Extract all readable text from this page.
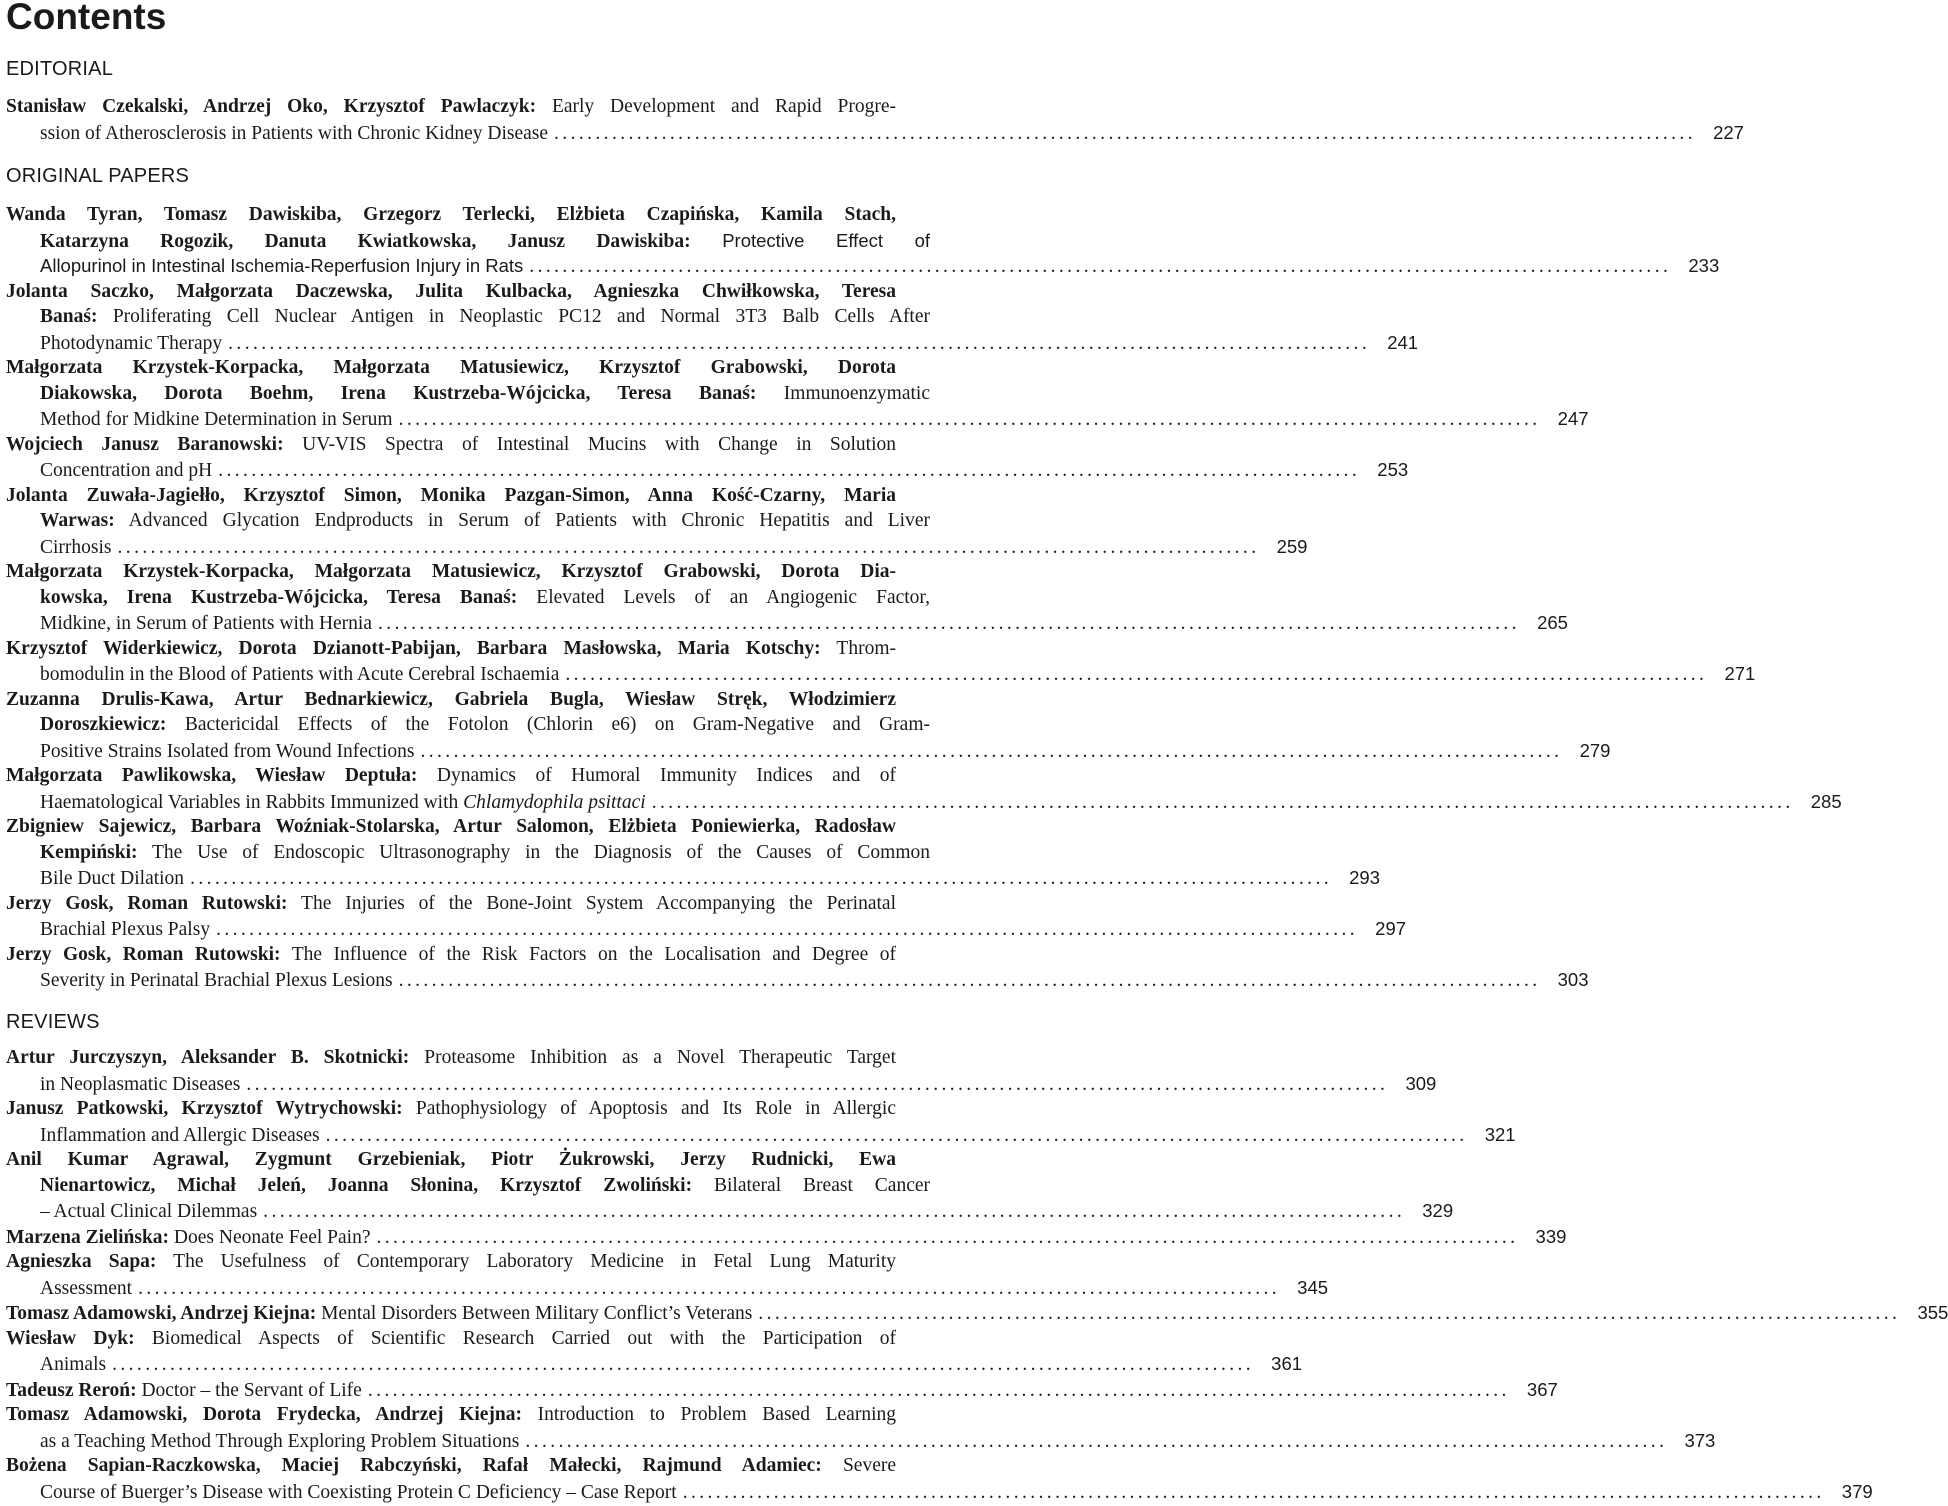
Contents
EDITORIAL
Stanisław Czekalski, Andrzej Oko, Krzysztof Pawlaczyk: Early Development and Rapid Progre-
ssion of Atherosclerosis in Patients with Chronic Kidney Disease .......................................................................................................................................... 227
ORIGINAL PAPERS
Wanda Tyran, Tomasz Dawiskiba, Grzegorz Terlecki, Elżbieta Czapińska, Kamila Stach,
Katarzyna Rogozik, Danuta Kwiatkowska, Janusz Dawiskiba: Protective Effect of
Allopurinol in Intestinal Ischemia-Reperfusion Injury in Rats .......................................................................................................................................... 233
Jolanta Saczko, Małgorzata Daczewska, Julita Kulbacka, Agnieszka Chwiłkowska, Teresa
Banaś: Proliferating Cell Nuclear Antigen in Neoplastic PC12 and Normal 3T3 Balb Cells After
Photodynamic Therapy .......................................................................................................................................... 241
Małgorzata Krzystek-Korpacka, Małgorzata Matusiewicz, Krzysztof Grabowski, Dorota
Diakowska, Dorota Boehm, Irena Kustrzeba-Wójcicka, Teresa Banaś: Immunoenzymatic
Method for Midkine Determination in Serum .......................................................................................................................................... 247
Wojciech Janusz Baranowski: UV-VIS Spectra of Intestinal Mucins with Change in Solution
Concentration and pH .......................................................................................................................................... 253
Jolanta Zuwała-Jagiełło, Krzysztof Simon, Monika Pazgan-Simon, Anna Kość-Czarny, Maria
Warwas: Advanced Glycation Endproducts in Serum of Patients with Chronic Hepatitis and Liver
Cirrhosis .......................................................................................................................................... 259
Małgorzata Krzystek-Korpacka, Małgorzata Matusiewicz, Krzysztof Grabowski, Dorota Dia-
kowska, Irena Kustrzeba-Wójcicka, Teresa Banaś: Elevated Levels of an Angiogenic Factor,
Midkine, in Serum of Patients with Hernia .......................................................................................................................................... 265
Krzysztof Widerkiewicz, Dorota Dzianott-Pabijan, Barbara Masłowska, Maria Kotschy: Throm-
bomodulin in the Blood of Patients with Acute Cerebral Ischaemia .......................................................................................................................................... 271
Zuzanna Drulis-Kawa, Artur Bednarkiewicz, Gabriela Bugla, Wiesław Stręk, Włodzimierz
Doroszkiewicz: Bactericidal Effects of the Fotolon (Chlorin e6) on Gram-Negative and Gram-
Positive Strains Isolated from Wound Infections .......................................................................................................................................... 279
Małgorzata Pawlikowska, Wiesław Deptuła: Dynamics of Humoral Immunity Indices and of
Haematological Variables in Rabbits Immunized with Chlamydophila psittaci .......................................................................................................................................... 285
Zbigniew Sajewicz, Barbara Woźniak-Stolarska, Artur Salomon, Elżbieta Poniewierka, Radosław
Kempiński: The Use of Endoscopic Ultrasonography in the Diagnosis of the Causes of Common
Bile Duct Dilation .......................................................................................................................................... 293
Jerzy Gosk, Roman Rutowski: The Injuries of the Bone-Joint System Accompanying the Perinatal
Brachial Plexus Palsy .......................................................................................................................................... 297
Jerzy Gosk, Roman Rutowski: The Influence of the Risk Factors on the Localisation and Degree of
Severity in Perinatal Brachial Plexus Lesions .......................................................................................................................................... 303
REVIEWS
Artur Jurczyszyn, Aleksander B. Skotnicki: Proteasome Inhibition as a Novel Therapeutic Target
in Neoplasmatic Diseases .......................................................................................................................................... 309
Janusz Patkowski, Krzysztof Wytrychowski: Pathophysiology of Apoptosis and Its Role in Allergic
Inflammation and Allergic Diseases .......................................................................................................................................... 321
Anil Kumar Agrawal, Zygmunt Grzebieniak, Piotr Żukrowski, Jerzy Rudnicki, Ewa
Nienartowicz, Michał Jeleń, Joanna Słonina, Krzysztof Zwoliński: Bilateral Breast Cancer
– Actual Clinical Dilemmas .......................................................................................................................................... 329
Marzena Zielińska: Does Neonate Feel Pain? .......................................................................................................................................... 339
Agnieszka Sapa: The Usefulness of Contemporary Laboratory Medicine in Fetal Lung Maturity
Assessment .......................................................................................................................................... 345
Tomasz Adamowski, Andrzej Kiejna: Mental Disorders Between Military Conflict’s Veterans .......................................................................................................................................... 355
Wiesław Dyk: Biomedical Aspects of Scientific Research Carried out with the Participation of
Animals .......................................................................................................................................... 361
Tadeusz Reroń: Doctor – the Servant of Life .......................................................................................................................................... 367
Tomasz Adamowski, Dorota Frydecka, Andrzej Kiejna: Introduction to Problem Based Learning
as a Teaching Method Through Exploring Problem Situations .......................................................................................................................................... 373
Bożena Sapian-Raczkowska, Maciej Rabczyński, Rafał Małecki, Rajmund Adamiec: Severe
Course of Buerger’s Disease with Coexisting Protein C Deficiency – Case Report .......................................................................................................................................... 379
